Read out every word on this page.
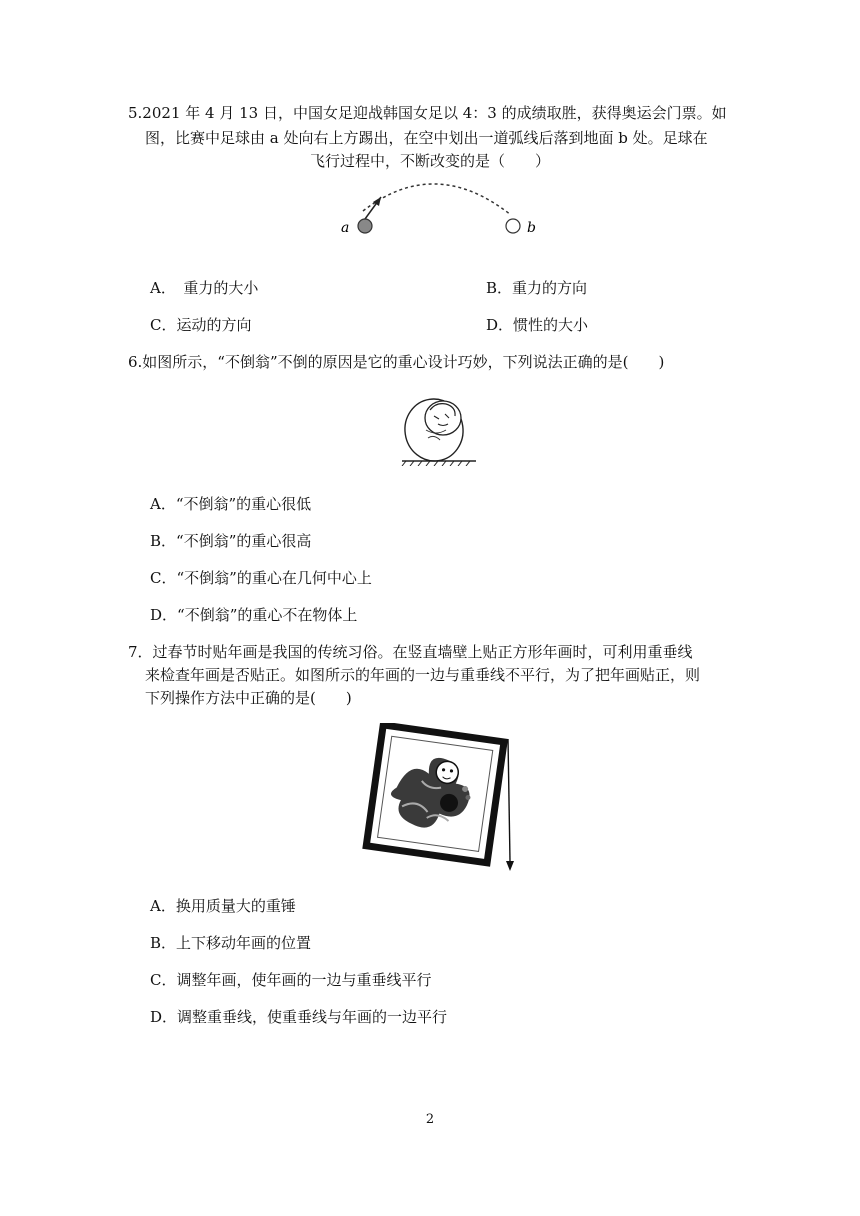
5.2021 年 4 月 13 日，中国女足迎战韩国女足以 4：3 的成绩取胜，获得奥运会门票。如
图，比赛中足球由 a 处向右上方踢出，在空中划出一道弧线后落到地面 b 处。足球在
飞行过程中，不断改变的是（　　）
a	b
A．　重力的大小	B．重力的方向
C．运动的方向	D．惯性的大小
6.如图所示，“不倒翁”不倒的原因是它的重心设计巧妙，下列说法正确的是(　　)
A．“不倒翁”的重心很低
B．“不倒翁”的重心很高
C．“不倒翁”的重心在几何中心上
D．“不倒翁”的重心不在物体上
7．过春节时贴年画是我国的传统习俗。在竖直墙壁上贴正方形年画时，可利用重垂线
来检查年画是否贴正。如图所示的年画的一边与重垂线不平行，为了把年画贴正，则
下列操作方法中正确的是(　　)
A．换用质量大的重锤
B．上下移动年画的位置
C．调整年画，使年画的一边与重垂线平行
D．调整重垂线，使重垂线与年画的一边平行
2
